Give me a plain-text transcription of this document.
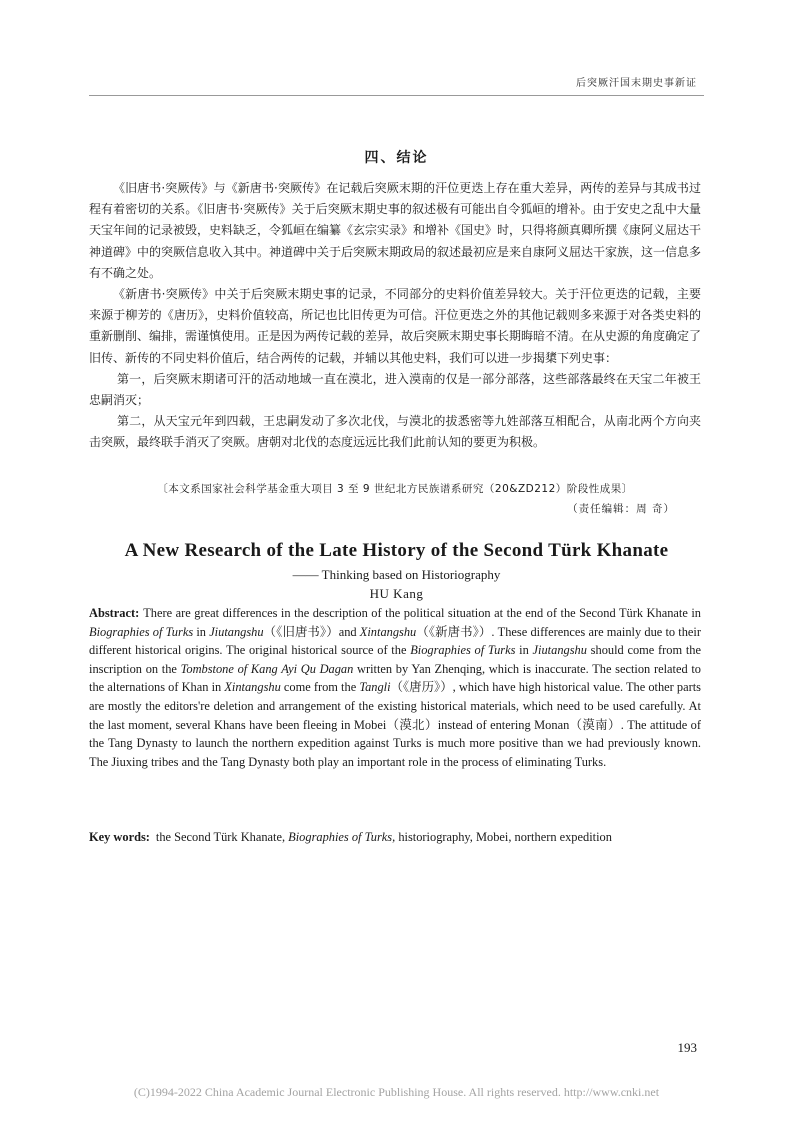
后突厥汗国末期史事新证
四、结论

《旧唐书·突厥传》与《新唐书·突厥传》在记载后突厥末期的汗位更迭上存在重大差异，两传的差异与其成书过程有着密切的关系。《旧唐书·突厥传》关于后突厥末期史事的叙述极有可能出自令狐峘的增补。由于安史之乱中大量天宝年间的记录被毁，史料缺乏，令狐峘在编纂《玄宗实录》和增补《国史》时，只得将颜真卿所撰《康阿义屈达干神道碑》中的突厥信息收入其中。神道碑中关于后突厥末期政局的叙述最初应是来自康阿义屈达干家族，这一信息多有不确之处。

《新唐书·突厥传》中关于后突厥末期史事的记录，不同部分的史料价值差异较大。关于汗位更迭的记载，主要来源于柳芳的《唐历》，史料价值较高，所记也比旧传更为可信。汗位更迭之外的其他记载则多来源于对各类史料的重新删削、编排，需谨慎使用。正是因为两传记载的差异，故后突厥末期史事长期晦暗不清。在从史源的角度确定了旧传、新传的不同史料价值后，结合两传的记载，并辅以其他史料，我们可以进一步揭橥下列史事：

第一，后突厥末期诸可汗的活动地域一直在漠北，进入漠南的仅是一部分部落，这些部落最终在天宝二年被王忠嗣消灭；

第二，从天宝元年到四载，王忠嗣发动了多次北伐，与漠北的拔悉密等九姓部落互相配合，从南北两个方向夹击突厥，最终联手消灭了突厥。唐朝对北伐的态度远远比我们此前认知的要更为积极。

〔本文系国家社会科学基金重大项目 3 至 9 世纪北方民族谱系研究（20&ZD212）阶段性成果〕
（责任编辑：周 奇）
A New Research of the Late History of the Second Türk Khanate
—— Thinking based on Historiography
HU Kang
Abstract: There are great differences in the description of the political situation at the end of the Second Türk Khanate in Biographies of Turks in Jiutangshu（《旧唐书》）and Xintangshu（《新唐书》）. These differences are mainly due to their different historical origins. The original historical source of the Biographies of Turks in Jiutangshu should come from the inscription on the Tombstone of Kang Ayi Qu Dagan written by Yan Zhenqing, which is inaccurate. The section related to the alternations of Khan in Xintangshu come from the Tangli（《唐历》）, which have high historical value. The other parts are mostly the editors're deletion and arrangement of the existing historical materials, which need to be used carefully. At the last moment, several Khans have been fleeing in Mobei（漠北）instead of entering Monan（漠南）. The attitude of the Tang Dynasty to launch the northern expedition against Turks is much more positive than we had previously known. The Jiuxing tribes and the Tang Dynasty both play an important role in the process of eliminating Turks.
Key words: the Second Türk Khanate, Biographies of Turks, historiography, Mobei, northern expedition
193
(C)1994-2022 China Academic Journal Electronic Publishing House. All rights reserved. http://www.cnki.net
